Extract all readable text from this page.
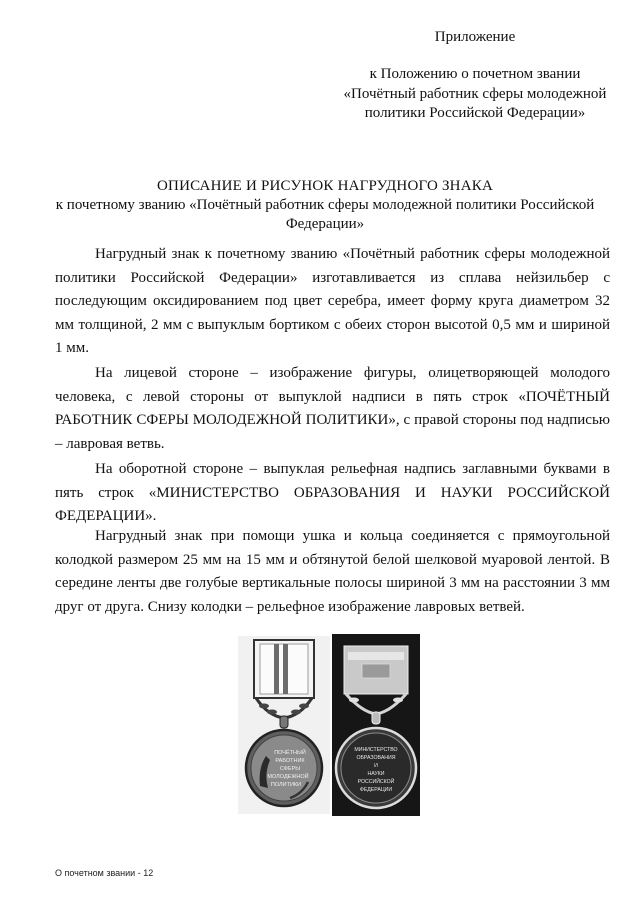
Приложение
к Положению о почетном звании «Почётный работник сферы молодежной политики Российской Федерации»
ОПИСАНИЕ И РИСУНОК НАГРУДНОГО ЗНАКА
к почетному званию «Почётный работник сферы молодежной политики Российской Федерации»

Нагрудный знак к почетному званию «Почётный работник сферы молодежной политики Российской Федерации» изготавливается из сплава нейзильбер с последующим оксидированием под цвет серебра, имеет форму круга диаметром 32 мм толщиной, 2 мм с выпуклым бортиком с обеих сторон высотой 0,5 мм и шириной 1 мм.

На лицевой стороне – изображение фигуры, олицетворяющей молодого человека, с левой стороны от выпуклой надписи в пять строк «ПОЧЁТНЫЙ РАБОТНИК СФЕРЫ МОЛОДЕЖНОЙ ПОЛИТИКИ», с правой стороны под надписью – лавровая ветвь.

На оборотной стороне – выпуклая рельефная надпись заглавными буквами в пять строк «МИНИСТЕРСТВО ОБРАЗОВАНИЯ И НАУКИ РОССИЙСКОЙ ФЕДЕРАЦИИ».

Нагрудный знак при помощи ушка и кольца соединяется с прямоугольной колодкой размером 25 мм на 15 мм и обтянутой белой шелковой муаровой лентой. В середине ленты две голубые вертикальные полосы шириной 3 мм на расстоянии 3 мм друг от друга. Снизу колодки – рельефное изображение лавровых ветвей.

ПОЧЁТНЫЙ
РАБОТНИК
СФЕРЫ
МОЛОДЕЖНОЙ
ПОЛИТИКИ
МИНИСТЕРСТВО
ОБРАЗОВАНИЯ
И
НАУКИ
РОССИЙСКОЙ
ФЕДЕРАЦИИ
О почетном звании - 12
